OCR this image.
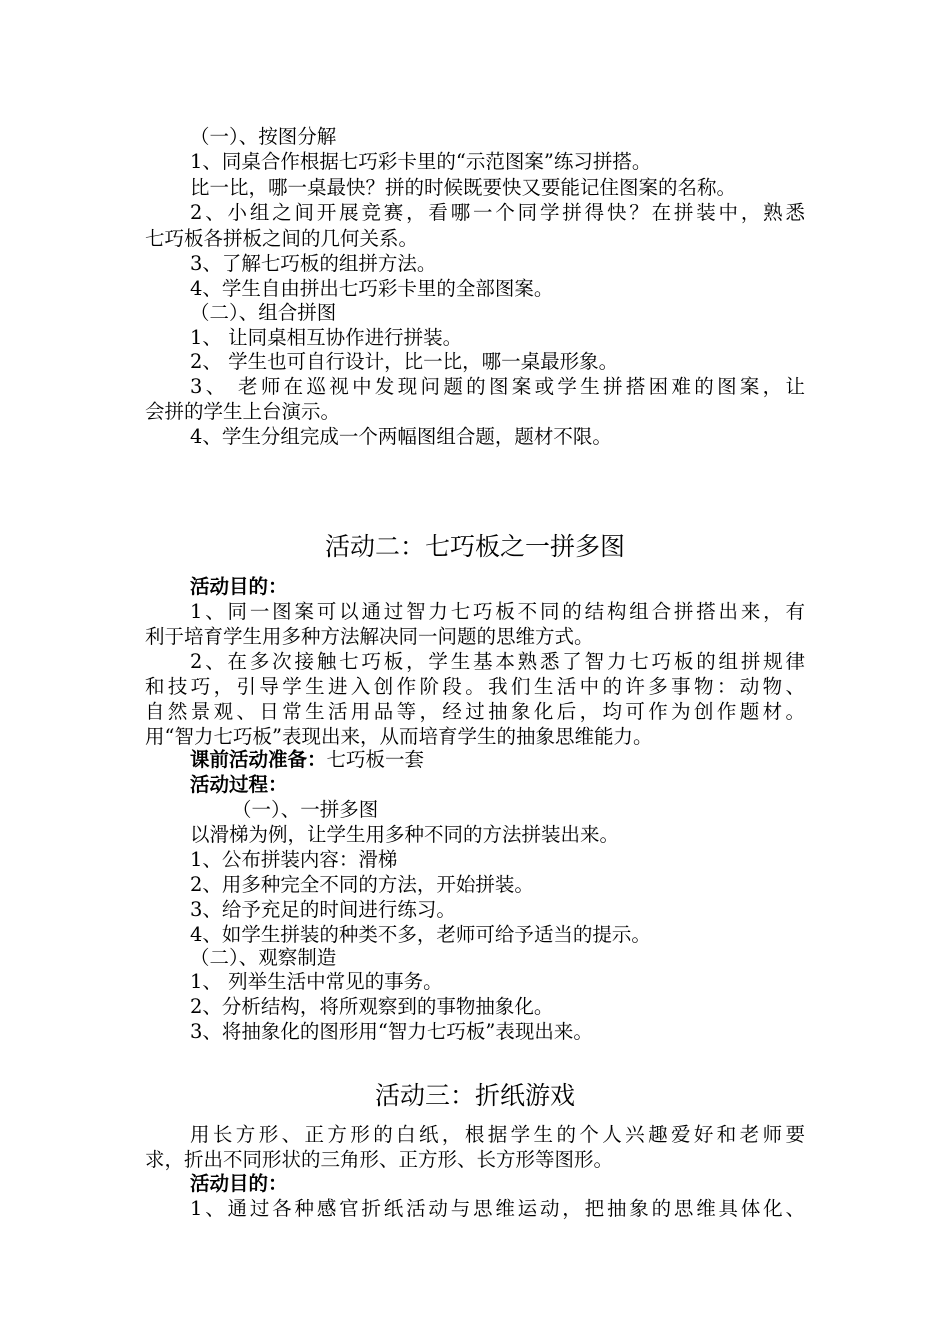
（一）、按图分解
1、同桌合作根据七巧彩卡里的“示范图案”练习拼搭。
比一比，哪一桌最快？拼的时候既要快又要能记住图案的名称。
2、小组之间开展竞赛，看哪一个同学拼得快？在拼装中，熟悉
七巧板各拼板之间的几何关系。
3、了解七巧板的组拼方法。
4、学生自由拼出七巧彩卡里的全部图案。
（二）、组合拼图
1、 让同桌相互协作进行拼装。
2、 学生也可自行设计，比一比，哪一桌最形象。
3、 老师在巡视中发现问题的图案或学生拼搭困难的图案，让
会拼的学生上台演示。
4、学生分组完成一个两幅图组合题，题材不限。
活动二：七巧板之一拼多图
活动目的：
1、同一图案可以通过智力七巧板不同的结构组合拼搭出来，有
利于培育学生用多种方法解决同一问题的思维方式。
2、在多次接触七巧板，学生基本熟悉了智力七巧板的组拼规律
和技巧，引导学生进入创作阶段。我们生活中的许多事物：动物、
自然景观、日常生活用品等，经过抽象化后，均可作为创作题材。
用“智力七巧板”表现出来，从而培育学生的抽象思维能力。
课前活动准备：七巧板一套
活动过程：
（一）、一拼多图
以滑梯为例，让学生用多种不同的方法拼装出来。
1、公布拼装内容：滑梯
2、用多种完全不同的方法，开始拼装。
3、给予充足的时间进行练习。
4、如学生拼装的种类不多，老师可给予适当的提示。
（二）、观察制造
1、 列举生活中常见的事务。
2、分析结构，将所观察到的事物抽象化。
3、将抽象化的图形用“智力七巧板”表现出来。
活动三：折纸游戏
用长方形、正方形的白纸，根据学生的个人兴趣爱好和老师要
求，折出不同形状的三角形、正方形、长方形等图形。
活动目的：
1、通过各种感官折纸活动与思维运动，把抽象的思维具体化、
